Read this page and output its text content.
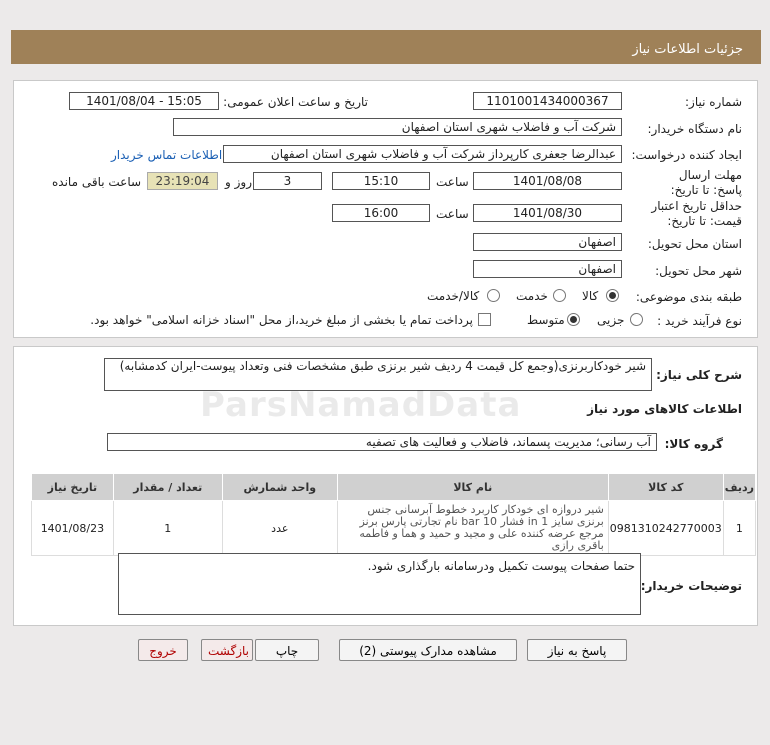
جزئیات اطلاعات نیاز
شماره نیاز:
1101001434000367
تاریخ و ساعت اعلان عمومی:
1401/08/04 - 15:05
نام دستگاه خریدار:
شرکت آب و فاضلاب شهری استان اصفهان
ایجاد کننده درخواست:
عبدالرضا جعفری کارپرداز شرکت آب و فاضلاب شهری استان اصفهان
اطلاعات تماس خریدار
مهلت ارسال پاسخ: تا تاریخ:
1401/08/08
ساعت
15:10
3
روز و
23:19:04
ساعت باقی مانده
حداقل تاریخ اعتبار قیمت: تا تاریخ:
1401/08/30
ساعت
16:00
استان محل تحویل:
اصفهان
شهر محل تحویل:
اصفهان
طبقه بندی موضوعی:
کالا
خدمت
کالا/خدمت
نوع فرآیند خرید :
جزیی
متوسط
پرداخت تمام یا بخشی از مبلغ خرید،از محل "اسناد خزانه اسلامی" خواهد بود.
ردیف	کد کالا	نام کالا	واحد شمارش	تعداد / مقدار	تاریخ نیاز
1	0981310242770003	شیر دروازه ای خودکار کاربرد خطوط آبرسانی جنس برنزی سایز 1 in فشار 10 bar نام تجارتی پارس برنز مرجع عرضه کننده علی و مجید و حمید و هما و فاطمه باقری رازی	عدد	1	1401/08/23
شرح کلی نیاز:
شیر خودکاربرنزی(وجمع کل قیمت 4 ردیف شیر برنزی طبق مشخصات فنی وتعداد پیوست-ایران کدمشابه)
اطلاعات کالاهای مورد نیاز
گروه کالا:
آب رسانی؛ مدیریت پسماند، فاضلاب و فعالیت های تصفیه
ParsNamadData
توضیحات خریدار:
حتما صفحات پیوست تکمیل ودرسامانه بارگذاری شود.
پاسخ به نیاز
مشاهده مدارک پیوستی (2)
چاپ
بازگشت
خروج
